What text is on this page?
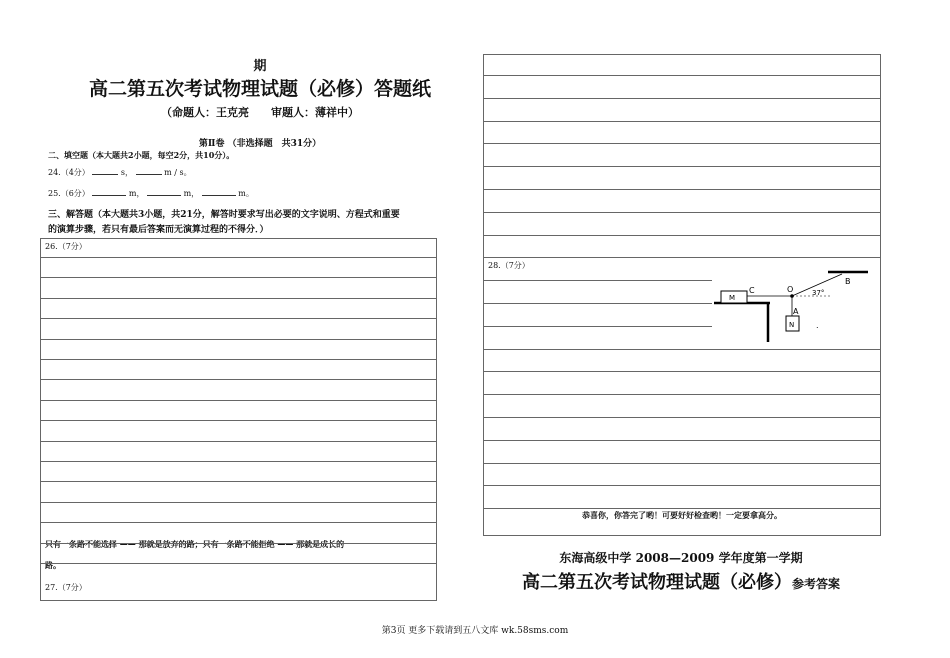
期
高二第五次考试物理试题（必修）答题纸
（命题人：王克亮　　审题人：薄祥中）
第Ⅱ卷 （非选择题　共31分）
二、填空题（本大题共2小题，每空2分，共10分）。
24.（4分）	s，	m / s。
25.（6分）	m，	m，	m。
三、解答题（本大题共3小题，共21分，解答时要求写出必要的文字说明、方程式和重要
的演算步骤，若只有最后答案而无演算过程的不得分．）
26.（7分）
只有一条路不能选择 —— 那就是放弃的路；只有一条路不能拒绝 —— 那就是成长的
路。
27.（7分）
28.（7分）
恭喜你，你答完了哟！可要好好检查哟！一定要拿高分。
M
C	O
B
37°
A
N	.
东海高级中学 2008—2009 学年度第一学期
高二第五次考试物理试题（必修）参考答案
第3页 更多下载请到五八文库 wk.58sms.com
